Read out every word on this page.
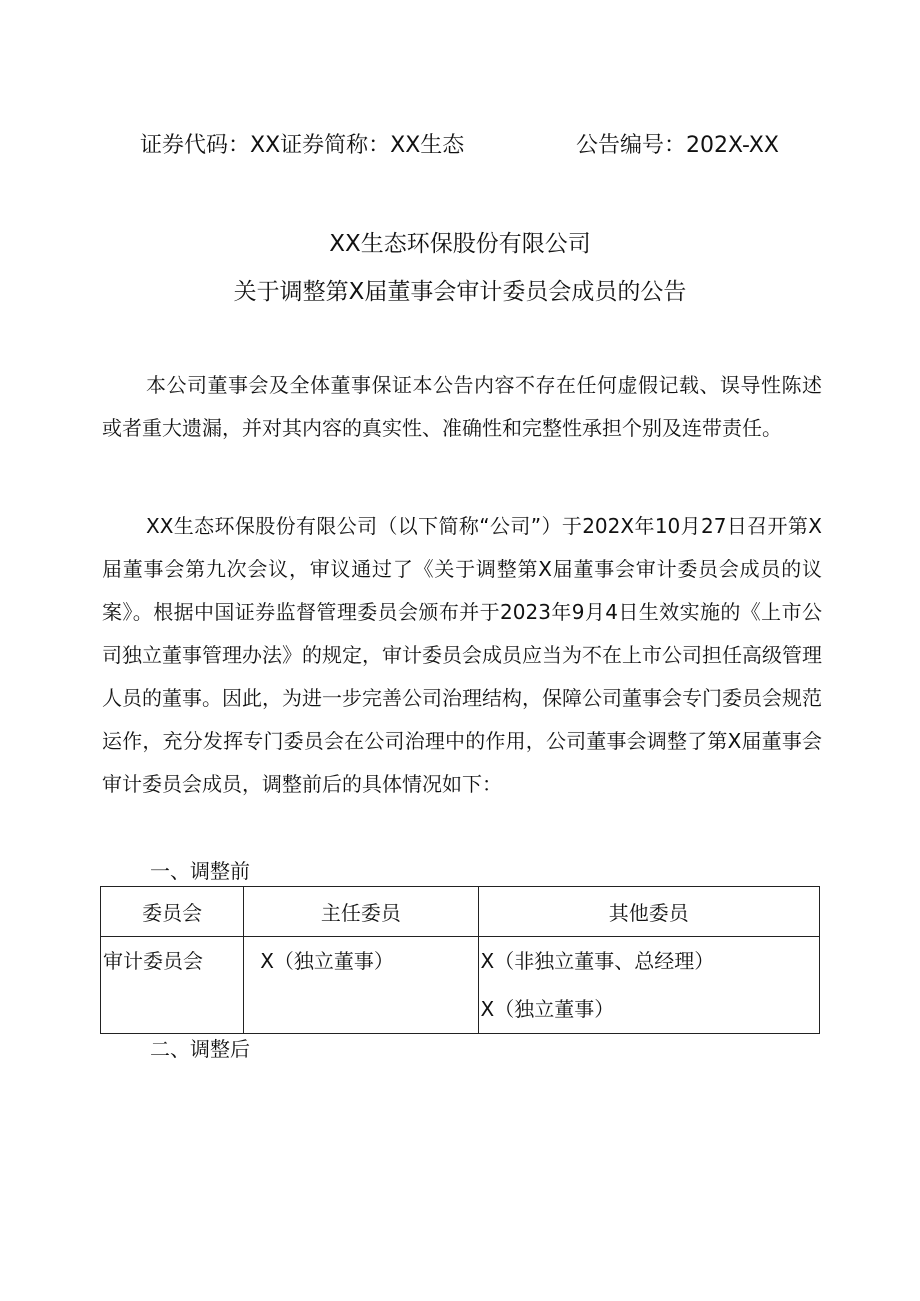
证券代码：XX证券简称：XX生态	公告编号：202X-XX
XX生态环保股份有限公司
关于调整第X届董事会审计委员会成员的公告

本公司董事会及全体董事保证本公告内容不存在任何虚假记载、误导性陈述或者重大遗漏，并对其内容的真实性、准确性和完整性承担个别及连带责任。

XX生态环保股份有限公司（以下简称“公司”）于202X年10月27日召开第X届董事会第九次会议，审议通过了《关于调整第X届董事会审计委员会成员的议案》。根据中国证券监督管理委员会颁布并于2023年9月4日生效实施的《上市公司独立董事管理办法》的规定，审计委员会成员应当为不在上市公司担任高级管理人员的董事。因此，为进一步完善公司治理结构，保障公司董事会专门委员会规范运作，充分发挥专门委员会在公司治理中的作用，公司董事会调整了第X届董事会审计委员会成员，调整前后的具体情况如下：

一、调整前
委员会	主任委员	其他委员

审计委员会	X（独立董事）	X（非独立董事、总经理）
X（独立董事）
二、调整后
